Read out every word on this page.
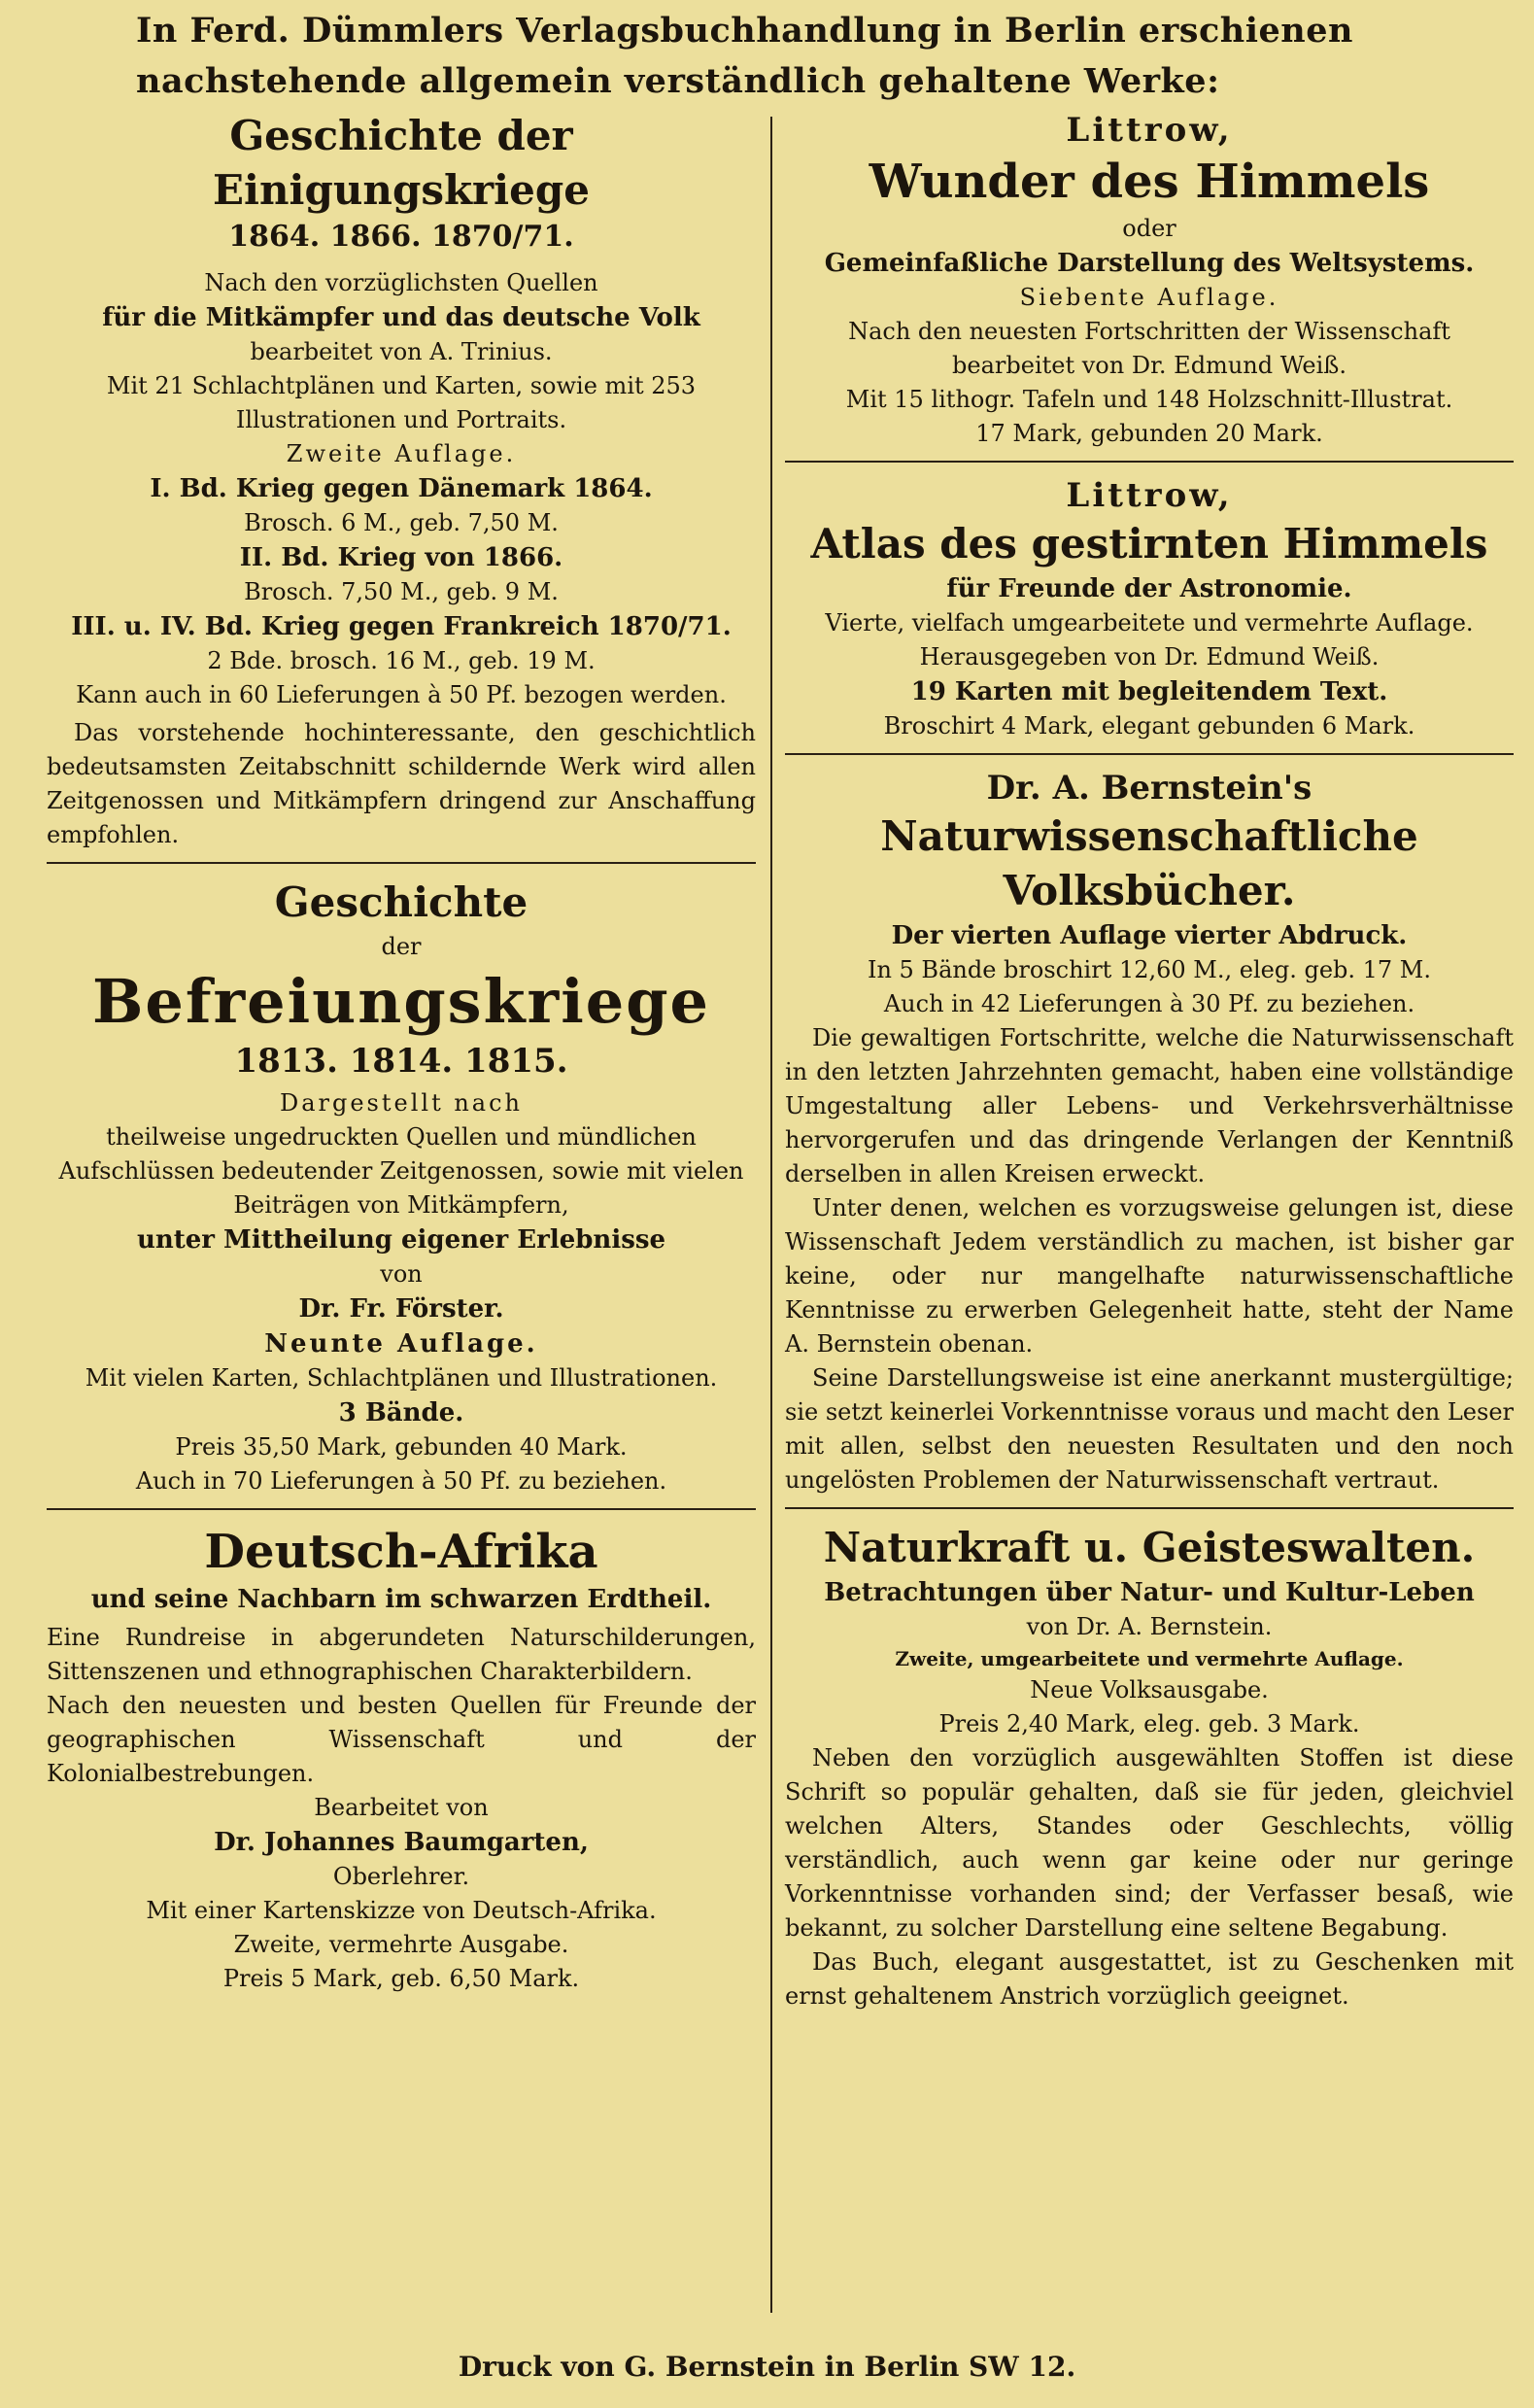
In Ferd. Dümmlers Verlagsbuchhandlung in Berlin erschienen nachstehende allgemein verständlich gehaltene Werke:
Geschichte der Einigungskriege
1864. 1866. 1870/71.
Nach den vorzüglichsten Quellen
für die Mitkämpfer und das deutsche Volk
bearbeitet von A. Trinius.
Mit 21 Schlachtplänen und Karten, sowie mit 253 Illustrationen und Portraits.
Zweite Auflage.
I. Bd. Krieg gegen Dänemark 1864.
Brosch. 6 M., geb. 7,50 M.
II. Bd. Krieg von 1866.
Brosch. 7,50 M., geb. 9 M.
III. u. IV. Bd. Krieg gegen Frankreich 1870/71.
2 Bde. brosch. 16 M., geb. 19 M.
Kann auch in 60 Lieferungen à 50 Pf. bezogen werden.
Das vorstehende hochinteressante, den geschichtlich bedeutsamsten Zeitabschnitt schildernde Werk wird allen Zeitgenossen und Mitkämpfern dringend zur Anschaffung empfohlen.
Geschichte
der
Befreiungskriege
1813. 1814. 1815.
Dargestellt nach
theilweise ungedruckten Quellen und mündlichen Aufschlüssen bedeutender Zeitgenossen, sowie mit vielen Beiträgen von Mitkämpfern,
unter Mittheilung eigener Erlebnisse
von
Dr. Fr. Förster.
Neunte Auflage.
Mit vielen Karten, Schlachtplänen und Illustrationen.
3 Bände.
Preis 35,50 Mark, gebunden 40 Mark.
Auch in 70 Lieferungen à 50 Pf. zu beziehen.
Deutsch-Afrika
und seine Nachbarn im schwarzen Erdtheil.
Eine Rundreise in abgerundeten Naturschilderungen, Sittenszenen und ethnographischen Charakterbildern.
Nach den neuesten und besten Quellen für Freunde der geographischen Wissenschaft und der Kolonialbestrebungen.
Bearbeitet von
Dr. Johannes Baumgarten,
Oberlehrer.
Mit einer Kartenskizze von Deutsch-Afrika.
Zweite, vermehrte Ausgabe.
Preis 5 Mark, geb. 6,50 Mark.
Littrow,
Wunder des Himmels
oder
Gemeinfaßliche Darstellung des Weltsystems.
Siebente Auflage.
Nach den neuesten Fortschritten der Wissenschaft bearbeitet von Dr. Edmund Weiß.
Mit 15 lithogr. Tafeln und 148 Holzschnitt-Illustrat.
17 Mark, gebunden 20 Mark.
Littrow,
Atlas des gestirnten Himmels
für Freunde der Astronomie.
Vierte, vielfach umgearbeitete und vermehrte Auflage.
Herausgegeben von Dr. Edmund Weiß.
19 Karten mit begleitendem Text.
Broschirt 4 Mark, elegant gebunden 6 Mark.
Dr. A. Bernstein's
Naturwissenschaftliche Volksbücher.
Der vierten Auflage vierter Abdruck.
In 5 Bände broschirt 12,60 M., eleg. geb. 17 M.
Auch in 42 Lieferungen à 30 Pf. zu beziehen.
Die gewaltigen Fortschritte, welche die Naturwissenschaft in den letzten Jahrzehnten gemacht, haben eine vollständige Umgestaltung aller Lebens- und Verkehrsverhältnisse hervorgerufen und das dringende Verlangen der Kenntniß derselben in allen Kreisen erweckt.
Unter denen, welchen es vorzugsweise gelungen ist, diese Wissenschaft Jedem verständlich zu machen, ist bisher gar keine, oder nur mangelhafte naturwissenschaftliche Kenntnisse zu erwerben Gelegenheit hatte, steht der Name A. Bernstein obenan.
Seine Darstellungsweise ist eine anerkannt mustergültige; sie setzt keinerlei Vorkenntnisse voraus und macht den Leser mit allen, selbst den neuesten Resultaten und den noch ungelösten Problemen der Naturwissenschaft vertraut.
Naturkraft u. Geisteswalten.
Betrachtungen über Natur- und Kultur-Leben
von Dr. A. Bernstein.
Zweite, umgearbeitete und vermehrte Auflage.
Neue Volksausgabe.
Preis 2,40 Mark, eleg. geb. 3 Mark.
Neben den vorzüglich ausgewählten Stoffen ist diese Schrift so populär gehalten, daß sie für jeden, gleichviel welchen Alters, Standes oder Geschlechts, völlig verständlich, auch wenn gar keine oder nur geringe Vorkenntnisse vorhanden sind; der Verfasser besaß, wie bekannt, zu solcher Darstellung eine seltene Begabung.
Das Buch, elegant ausgestattet, ist zu Geschenken mit ernst gehaltenem Anstrich vorzüglich geeignet.
Druck von G. Bernstein in Berlin SW 12.
